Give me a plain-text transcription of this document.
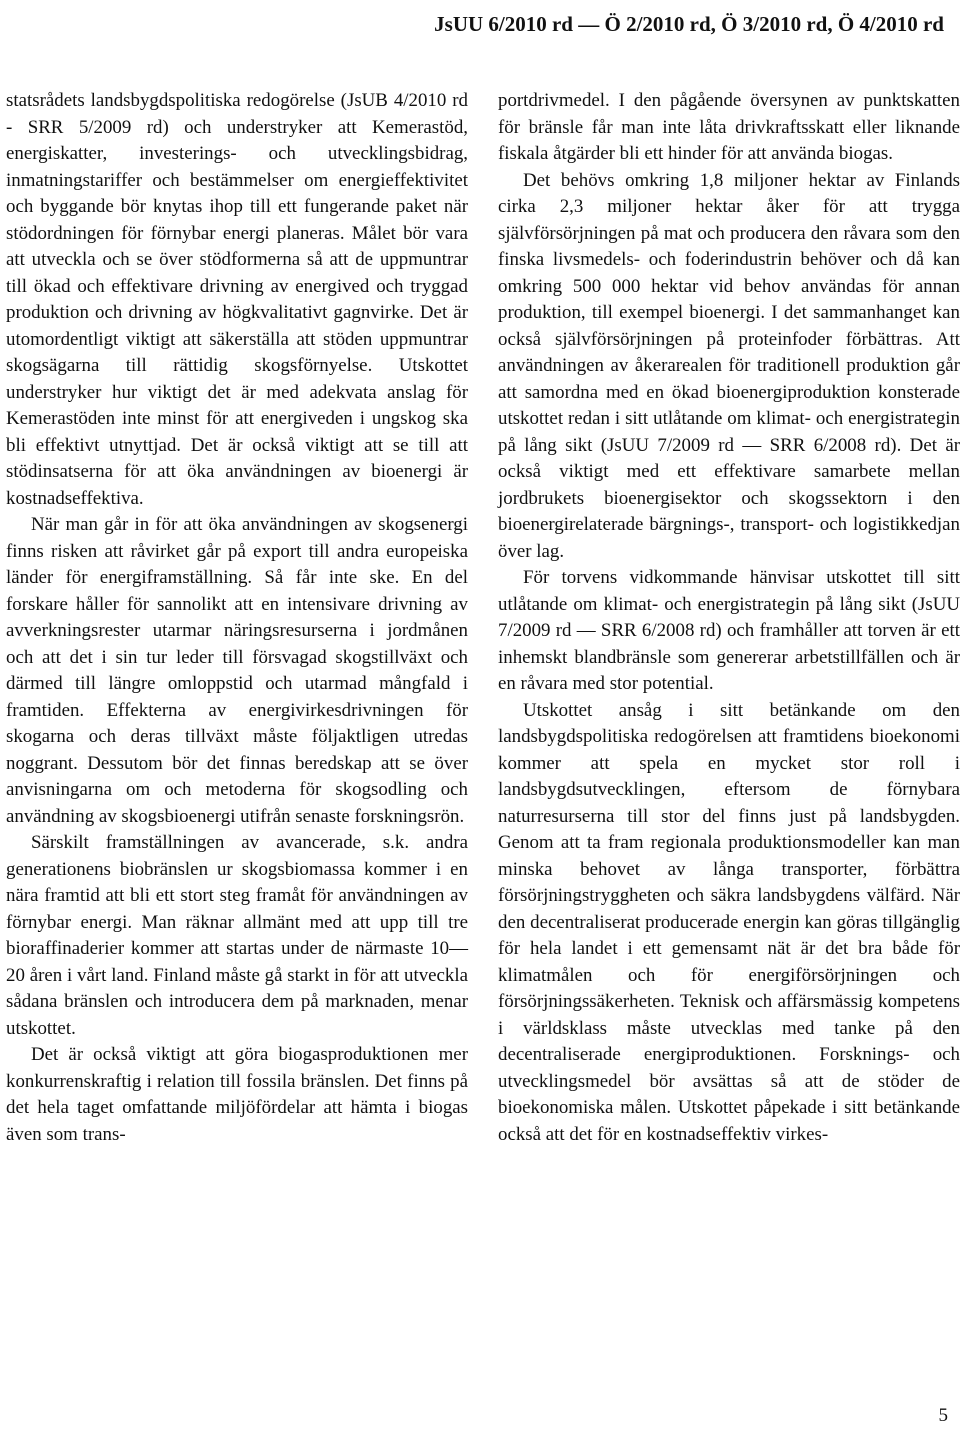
JsUU 6/2010 rd — Ö 2/2010 rd, Ö 3/2010 rd, Ö 4/2010 rd

statsrådets landsbygdspolitiska redogörelse (JsUB 4/2010 rd - SRR 5/2009 rd) och understryker att Kemerastöd, energiskatter, investerings- och utvecklingsbidrag, inmatningstariffer och bestämmelser om energieffektivitet och byggande bör knytas ihop till ett fungerande paket när stödordningen för förnybar energi planeras. Målet bör vara att utveckla och se över stödformerna så att de uppmuntrar till ökad och effektivare drivning av energived och tryggad produktion och drivning av högkvalitativt gagnvirke. Det är utomordentligt viktigt att säkerställa att stöden uppmuntrar skogsägarna till rättidig skogsförnyelse. Utskottet understryker hur viktigt det är med adekvata anslag för Kemerastöden inte minst för att energiveden i ungskog ska bli effektivt utnyttjad. Det är också viktigt att se till att stödinsatserna för att öka användningen av bioenergi är kostnadseffektiva.

När man går in för att öka användningen av skogsenergi finns risken att råvirket går på export till andra europeiska länder för energiframställning. Så får inte ske. En del forskare håller för sannolikt att en intensivare drivning av avverkningsrester utarmar näringsresurserna i jordmånen och att det i sin tur leder till försvagad skogstillväxt och därmed till längre omloppstid och utarmad mångfald i framtiden. Effekterna av energivirkesdrivningen för skogarna och deras tillväxt måste följaktligen utredas noggrant. Dessutom bör det finnas beredskap att se över anvisningarna om och metoderna för skogsodling och användning av skogsbioenergi utifrån senaste forskningsrön.

Särskilt framställningen av avancerade, s.k. andra generationens biobränslen ur skogsbiomassa kommer i en nära framtid att bli ett stort steg framåt för användningen av förnybar energi. Man räknar allmänt med att upp till tre bioraffinaderier kommer att startas under de närmaste 10—20 åren i vårt land. Finland måste gå starkt in för att utveckla sådana bränslen och introducera dem på marknaden, menar utskottet.

Det är också viktigt att göra biogasproduktionen mer konkurrenskraftig i relation till fossila bränslen. Det finns på det hela taget omfattande miljöfördelar att hämta i biogas även som trans-

portdrivmedel. I den pågående översynen av punktskatten för bränsle får man inte låta drivkraftsskatt eller liknande fiskala åtgärder bli ett hinder för att använda biogas.

Det behövs omkring 1,8 miljoner hektar av Finlands cirka 2,3 miljoner hektar åker för att trygga självförsörjningen på mat och producera den råvara som den finska livsmedels- och foderindustrin behöver och då kan omkring 500 000 hektar vid behov användas för annan produktion, till exempel bioenergi. I det sammanhanget kan också självförsörjningen på proteinfoder förbättras. Att användningen av åkerarealen för traditionell produktion går att samordna med en ökad bioenergiproduktion konsterade utskottet redan i sitt utlåtande om klimat- och energistrategin på lång sikt (JsUU 7/2009 rd — SRR 6/2008 rd). Det är också viktigt med ett effektivare samarbete mellan jordbrukets bioenergisektor och skogssektorn i den bioenergirelaterade bärgnings-, transport- och logistikkedjan över lag.

För torvens vidkommande hänvisar utskottet till sitt utlåtande om klimat- och energistrategin på lång sikt (JsUU 7/2009 rd — SRR 6/2008 rd) och framhåller att torven är ett inhemskt blandbränsle som genererar arbetstillfällen och är en råvara med stor potential.

Utskottet ansåg i sitt betänkande om den landsbygdspolitiska redogörelsen att framtidens bioekonomi kommer att spela en mycket stor roll i landsbygdsutvecklingen, eftersom de förnybara naturresurserna till stor del finns just på landsbygden. Genom att ta fram regionala produktionsmodeller kan man minska behovet av långa transporter, förbättra försörjningstryggheten och säkra landsbygdens välfärd. När den decentraliserat producerade energin kan göras tillgänglig för hela landet i ett gemensamt nät är det bra både för klimatmålen och för energiförsörjningen och försörjningssäkerheten. Teknisk och affärsmässig kompetens i världsklass måste utvecklas med tanke på den decentraliserade energiproduktionen. Forsknings- och utvecklingsmedel bör avsättas så att de stöder de bioekonomiska målen. Utskottet påpekade i sitt betänkande också att det för en kostnadseffektiv virkes-

5
